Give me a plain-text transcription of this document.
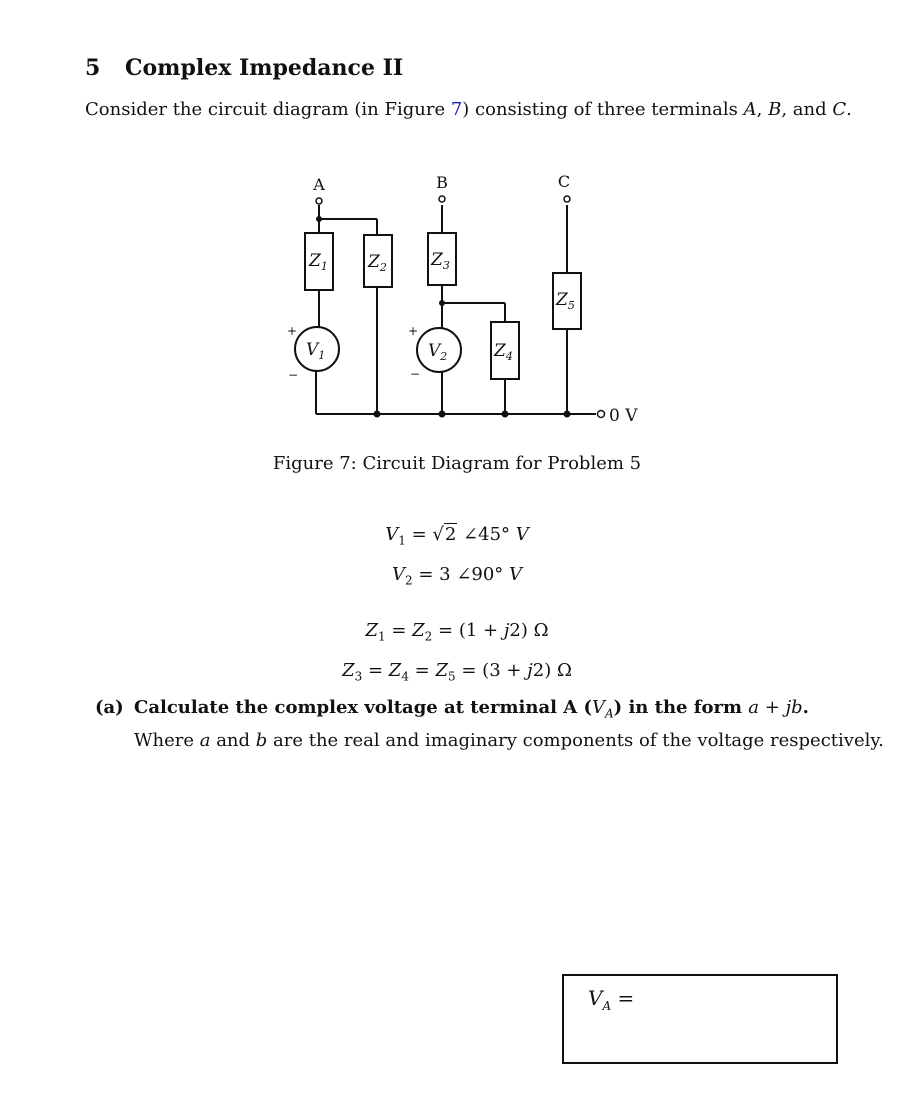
5 Complex Impedance II
Consider the circuit diagram (in Figure 7) consisting of three terminals A, B, and C.
A	B	C
0 V
$Z_1$ $Z_2$	$Z_3$
$Z_4$
$Z_5$
$V_1$	$V_2$
+
−
+
−
Figure 7: Circuit Diagram for Problem 5
$V_1 = √2$ ∠45° V
$V_2 = 3$ ∠90° V
$Z_1 = Z_2 = (1 + j2)$ Ω
$Z_3 = Z_4 = Z_5 = (3 + j2)$ Ω
(a) Calculate the complex voltage at terminal A $(V_A)$ in the form a + jb.
Where a and b are the real and imaginary components of the voltage respectively.
$V_A$ =
